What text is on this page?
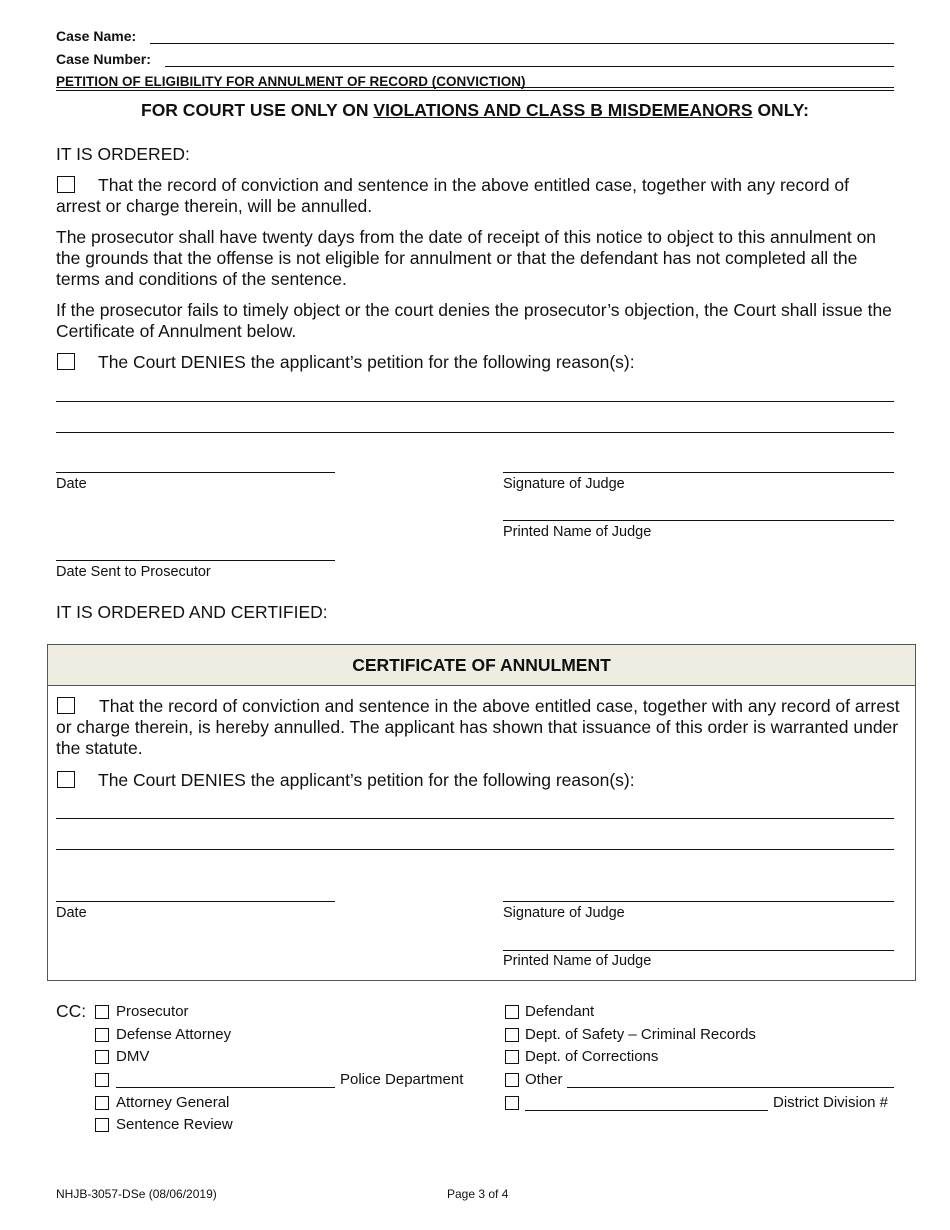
Case Name:
Case Number:
PETITION OF ELIGIBILITY FOR ANNULMENT OF RECORD (CONVICTION)
FOR COURT USE ONLY ON VIOLATIONS AND CLASS B MISDEMEANORS ONLY:
IT IS ORDERED:
That the record of conviction and sentence in the above entitled case, together with any record of arrest or charge therein, will be annulled.
The prosecutor shall have twenty days from the date of receipt of this notice to object to this annulment on the grounds that the offense is not eligible for annulment or that the defendant has not completed all the terms and conditions of the sentence.
If the prosecutor fails to timely object or the court denies the prosecutor’s objection, the Court shall issue the Certificate of Annulment below.
The Court DENIES the applicant’s petition for the following reason(s):
Date	Signature of Judge
Printed Name of Judge
Date Sent to Prosecutor
IT IS ORDERED AND CERTIFIED:
CERTIFICATE OF ANNULMENT
That the record of conviction and sentence in the above entitled case, together with any record of arrest or charge therein, is hereby annulled. The applicant has shown that issuance of this order is warranted under the statute.
The Court DENIES the applicant’s petition for the following reason(s):
Date	Signature of Judge
Printed Name of Judge
CC: Prosecutor
Defense Attorney
DMV
Police Department
Attorney General
Sentence Review
Defendant
Dept. of Safety – Criminal Records
Dept. of Corrections
Other
District Division #
NHJB-3057-DSe (08/06/2019)	Page 3 of 4
